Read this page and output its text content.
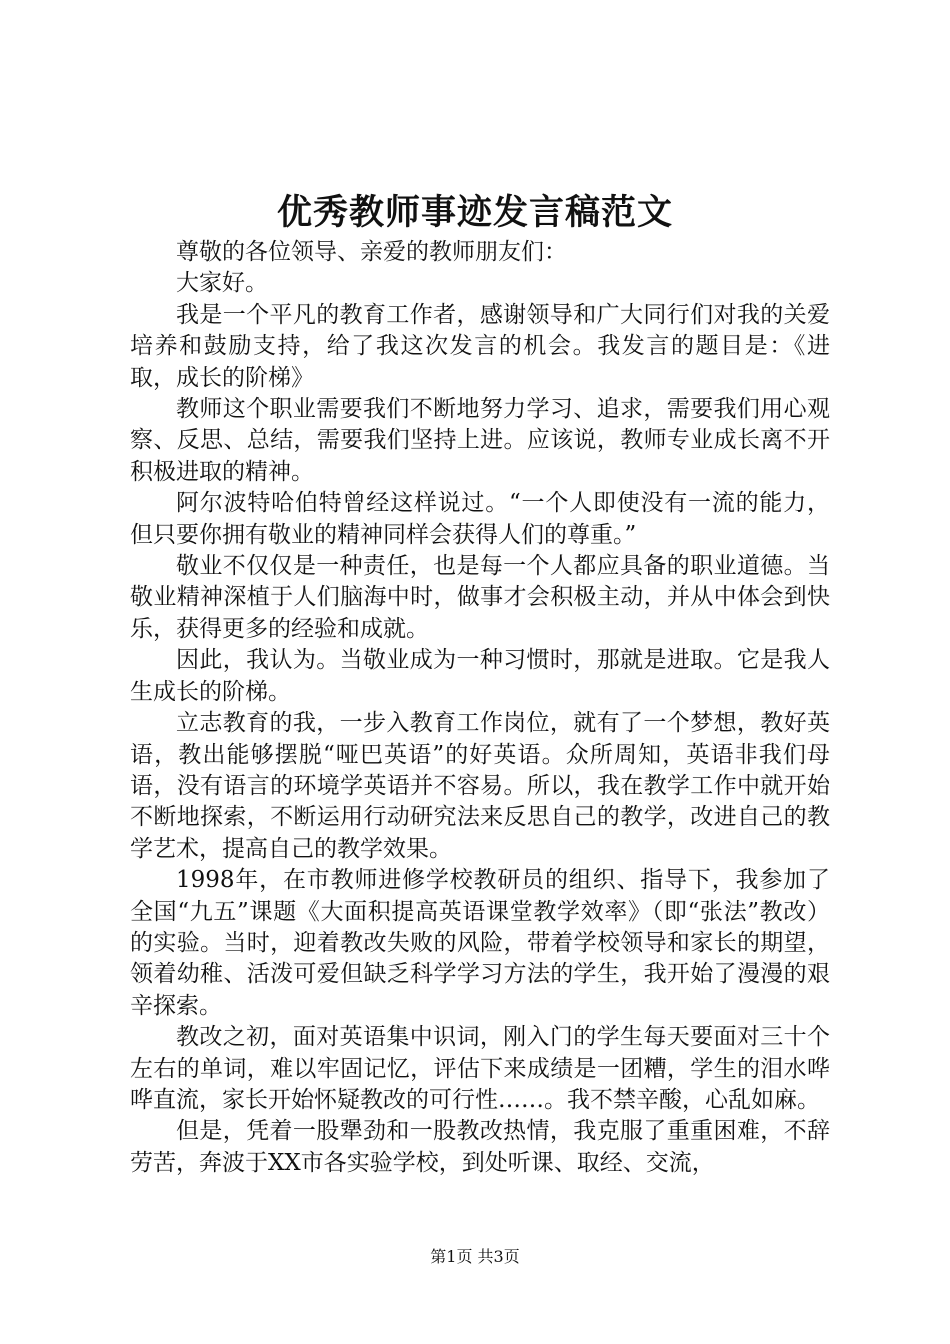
优秀教师事迹发言稿范文

尊敬的各位领导、亲爱的教师朋友们：

大家好。

我是一个平凡的教育工作者，感谢领导和广大同行们对我的关爱培养和鼓励支持，给了我这次发言的机会。我发言的题目是：《进取，成长的阶梯》

教师这个职业需要我们不断地努力学习、追求，需要我们用心观察、反思、总结，需要我们坚持上进。应该说，教师专业成长离不开积极进取的精神。

阿尔波特哈伯特曾经这样说过。“一个人即使没有一流的能力，但只要你拥有敬业的精神同样会获得人们的尊重。”

敬业不仅仅是一种责任，也是每一个人都应具备的职业道德。当敬业精神深植于人们脑海中时，做事才会积极主动，并从中体会到快乐，获得更多的经验和成就。

因此，我认为。当敬业成为一种习惯时，那就是进取。它是我人生成长的阶梯。

立志教育的我，一步入教育工作岗位，就有了一个梦想，教好英语，教出能够摆脱“哑巴英语”的好英语。众所周知，英语非我们母语，没有语言的环境学英语并不容易。所以，我在教学工作中就开始不断地探索，不断运用行动研究法来反思自己的教学，改进自己的教学艺术，提高自己的教学效果。

1998年，在市教师进修学校教研员的组织、指导下，我参加了全国“九五”课题《大面积提高英语课堂教学效率》（即“张法”教改）的实验。当时，迎着教改失败的风险，带着学校领导和家长的期望，领着幼稚、活泼可爱但缺乏科学学习方法的学生，我开始了漫漫的艰辛探索。

教改之初，面对英语集中识词，刚入门的学生每天要面对三十个左右的单词，难以牢固记忆，评估下来成绩是一团糟，学生的泪水哗哗直流，家长开始怀疑教改的可行性……。我不禁辛酸，心乱如麻。

但是，凭着一股犟劲和一股教改热情，我克服了重重困难，不辞劳苦，奔波于XX市各实验学校，到处听课、取经、交流，

第1页 共3页
